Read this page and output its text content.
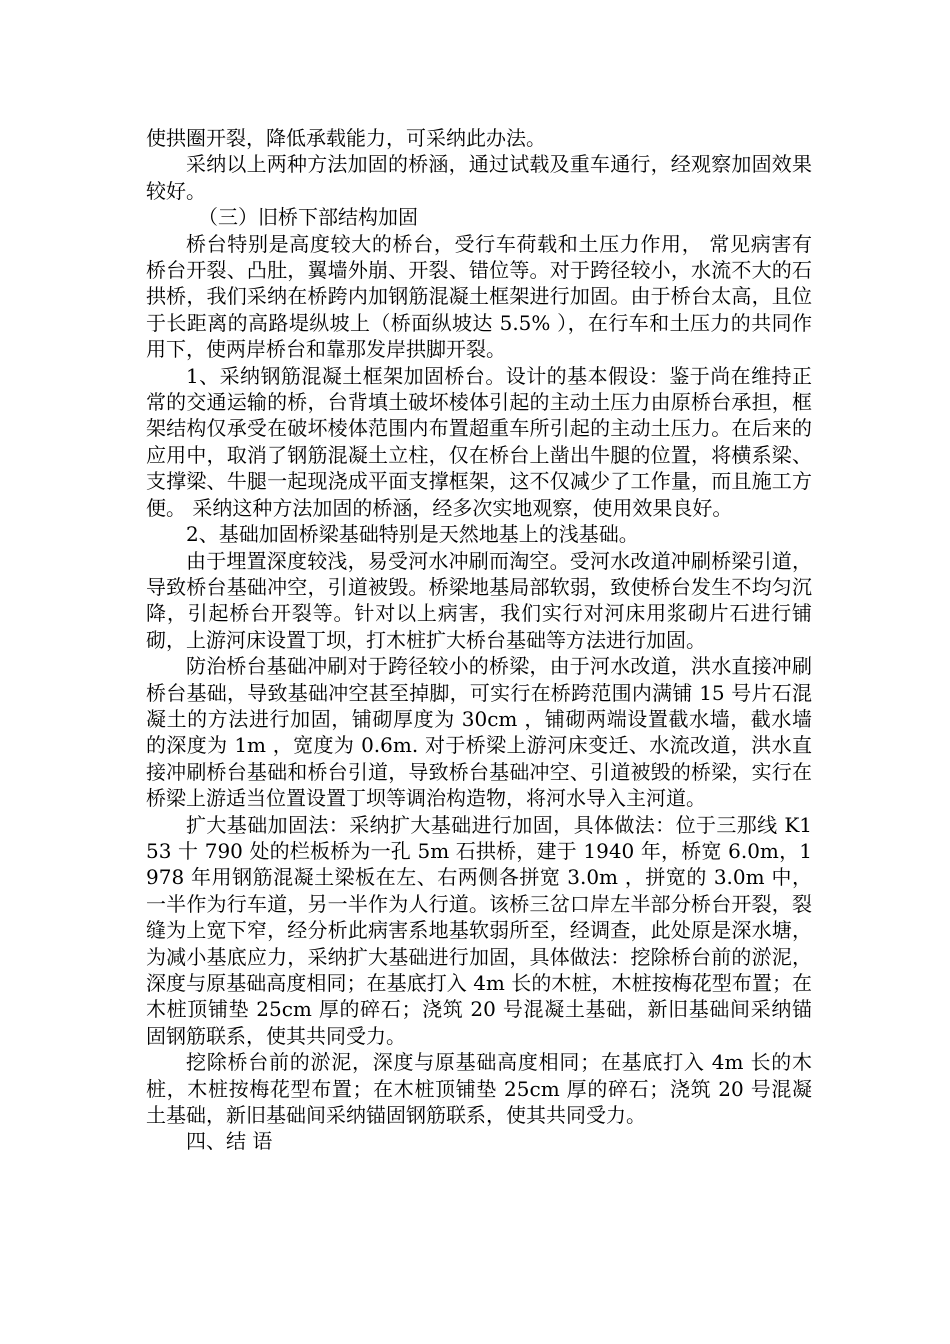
使拱圈开裂，降低承载能力，可采纳此办法。

采纳以上两种方法加固的桥涵，通过试载及重车通行，经观察加固效果较好。

（三）旧桥下部结构加固

桥台特别是高度较大的桥台，受行车荷载和土压力作用， 常见病害有桥台开裂、凸肚，翼墙外崩、开裂、错位等。对于跨径较小，水流不大的石拱桥，我们采纳在桥跨内加钢筋混凝土框架进行加固。由于桥台太高，且位于长距离的高路堤纵坡上（桥面纵坡达 5.5% ），在行车和土压力的共同作用下，使两岸桥台和靠那发岸拱脚开裂。

1、采纳钢筋混凝土框架加固桥台。设计的基本假设：鉴于尚在维持正常的交通运输的桥，台背填土破坏棱体引起的主动土压力由原桥台承担，框架结构仅承受在破坏棱体范围内布置超重车所引起的主动土压力。在后来的应用中，取消了钢筋混凝土立柱，仅在桥台上凿出牛腿的位置，将横系梁、支撑梁、牛腿一起现浇成平面支撑框架，这不仅减少了工作量，而且施工方便。 采纳这种方法加固的桥涵，经多次实地观察，使用效果良好。

2、基础加固桥梁基础特别是天然地基上的浅基础。

由于埋置深度较浅，易受河水冲刷而淘空。受河水改道冲刷桥梁引道，导致桥台基础冲空，引道被毁。桥梁地基局部软弱，致使桥台发生不均匀沉降，引起桥台开裂等。针对以上病害，我们实行对河床用浆砌片石进行铺砌，上游河床设置丁坝，打木桩扩大桥台基础等方法进行加固。

防治桥台基础冲刷对于跨径较小的桥梁，由于河水改道，洪水直接冲刷桥台基础，导致基础冲空甚至掉脚，可实行在桥跨范围内满铺 15 号片石混凝土的方法进行加固，铺砌厚度为 30cm ，铺砌两端设置截水墙，截水墙的深度为 1m ，宽度为 0.6m. 对于桥梁上游河床变迁、水流改道，洪水直接冲刷桥台基础和桥台引道，导致桥台基础冲空、引道被毁的桥梁，实行在桥梁上游适当位置设置丁坝等调治构造物，将河水导入主河道。

扩大基础加固法：采纳扩大基础进行加固，具体做法：位于三那线 K153 十 790 处的栏板桥为一孔 5m 石拱桥，建于 1940 年，桥宽 6.0m，1978 年用钢筋混凝土梁板在左、右两侧各拼宽 3.0m ，拼宽的 3.0m 中，一半作为行车道，另一半作为人行道。该桥三岔口岸左半部分桥台开裂，裂缝为上宽下窄，经分析此病害系地基软弱所至，经调查，此处原是深水塘，为减小基底应力，采纳扩大基础进行加固，具体做法：挖除桥台前的淤泥，深度与原基础高度相同；在基底打入 4m 长的木桩，木桩按梅花型布置；在木桩顶铺垫 25cm 厚的碎石；浇筑 20 号混凝土基础，新旧基础间采纳锚固钢筋联系，使其共同受力。

挖除桥台前的淤泥，深度与原基础高度相同；在基底打入 4m 长的木桩，木桩按梅花型布置；在木桩顶铺垫 25cm 厚的碎石；浇筑 20 号混凝土基础，新旧基础间采纳锚固钢筋联系，使其共同受力。

四、结 语
